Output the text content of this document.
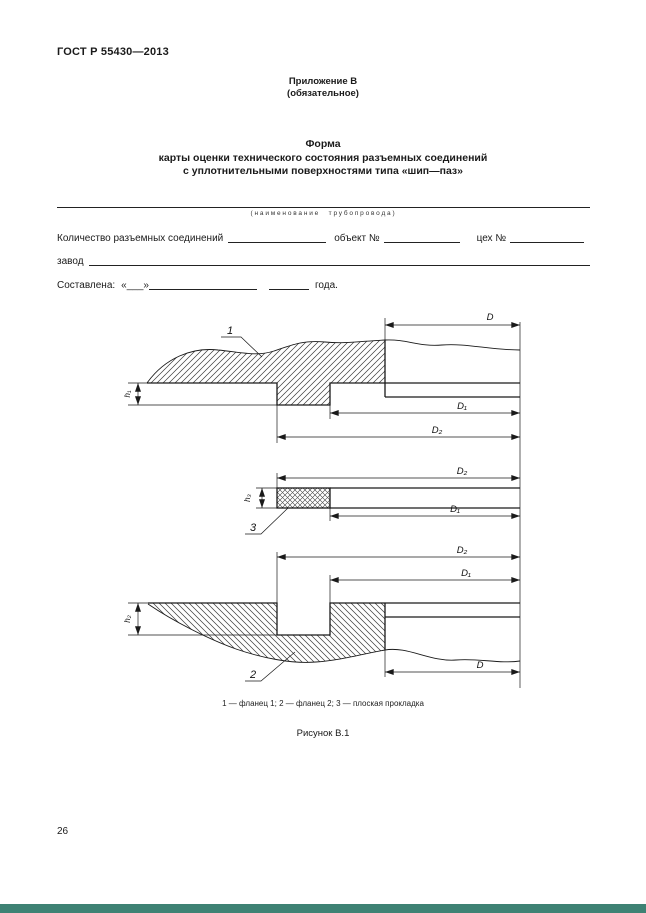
ГОСТ Р 55430—2013
Приложение В
(обязательное)
Форма
карты оценки технического состояния разъемных соединений
с уплотнительными поверхностями типа «шип—паз»
(наименование трубопровода)
Количество разъемных соединений	объект №	цех №
завод
Составлена: «___»	года.
D
D₁
D₂
h₁
1
D₂
D₁
h₃
3
D₂
D₁
D
h₂
2
1 — фланец 1; 2 — фланец 2; 3 — плоская прокладка
Рисунок В.1
26
